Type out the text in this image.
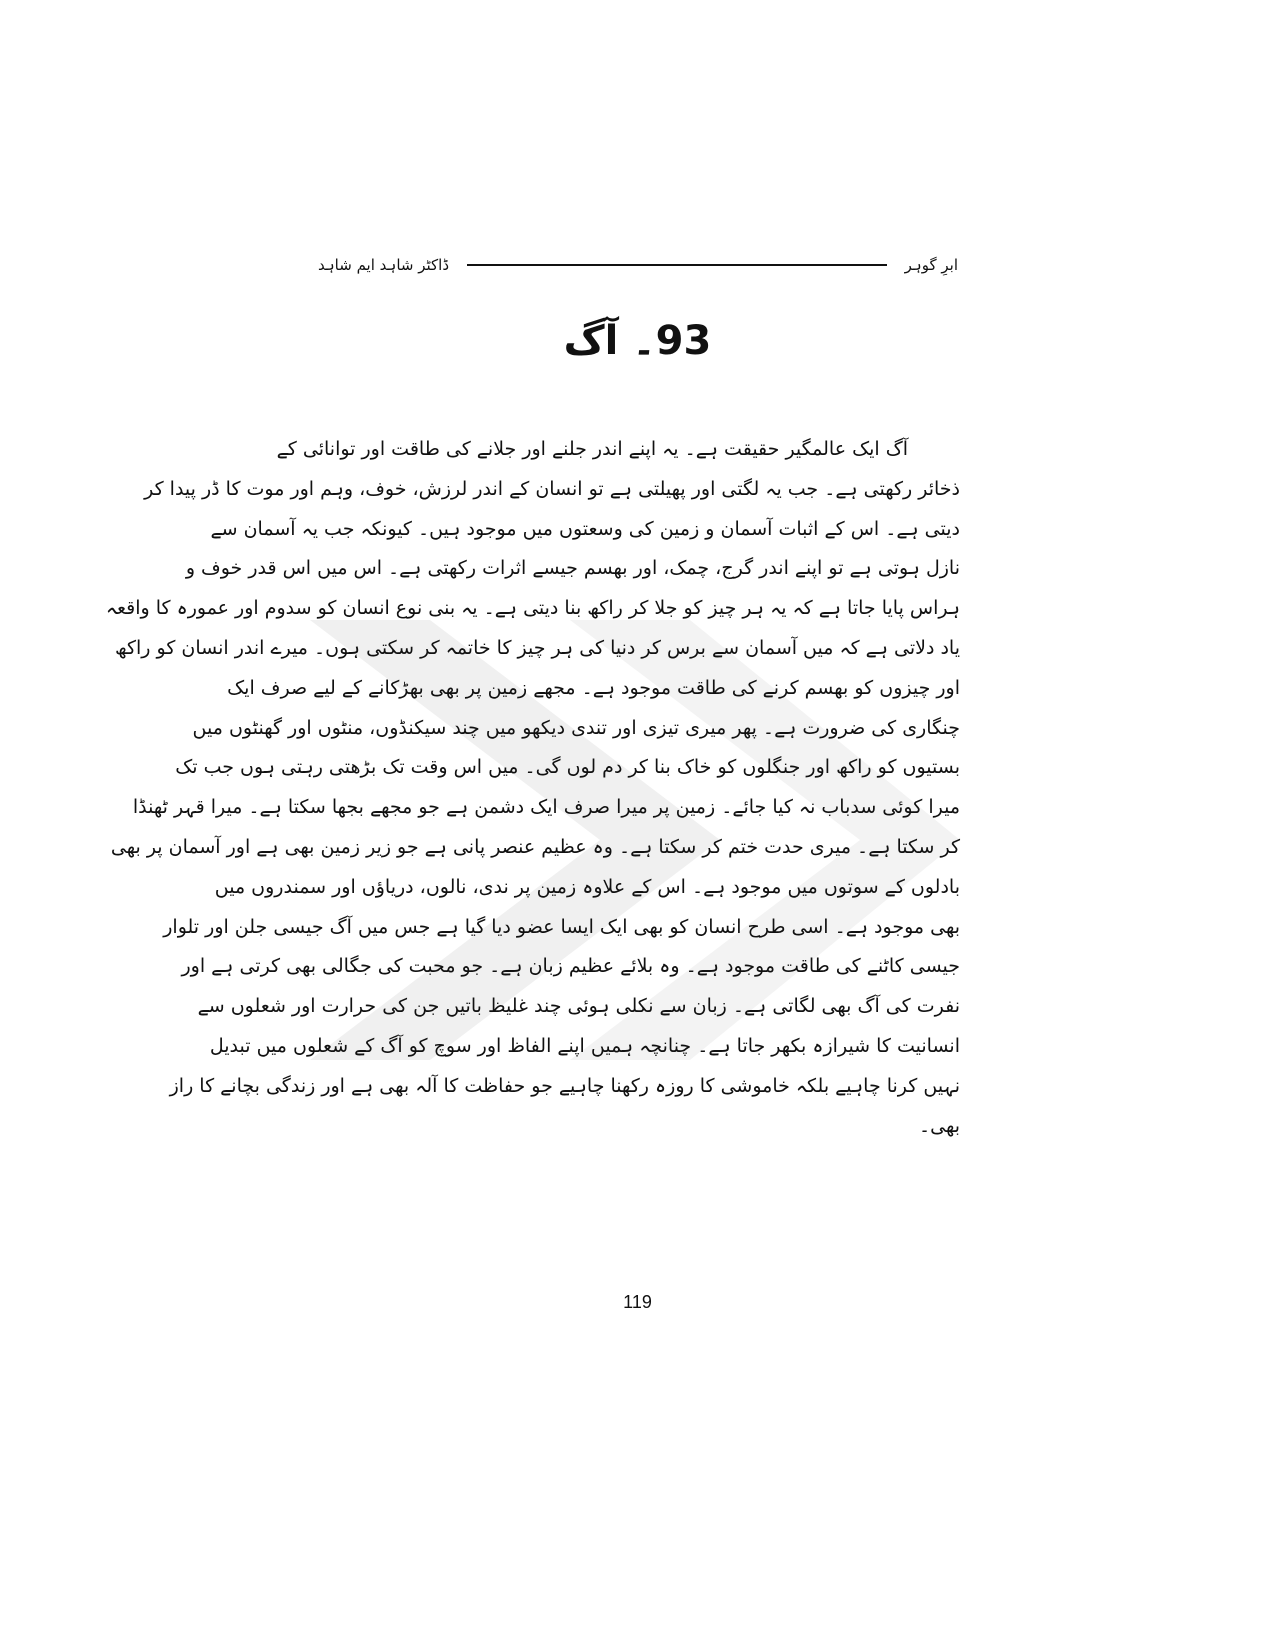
ابرِ گوہر
ڈاکٹر شاہد ایم شاہد
93۔ آگ
آگ ایک عالمگیر حقیقت ہے۔ یہ اپنے اندر جلنے اور جلانے کی طاقت اور توانائی کے
ذخائر رکھتی ہے۔ جب یہ لگتی اور پھیلتی ہے تو انسان کے اندر لرزش، خوف، وہم اور موت کا ڈر پیدا کر
دیتی ہے۔ اس کے اثبات آسمان و زمین کی وسعتوں میں موجود ہیں۔ کیونکہ جب یہ آسمان سے
نازل ہوتی ہے تو اپنے اندر گرج، چمک، اور بھسم جیسے اثرات رکھتی ہے۔ اس میں اس قدر خوف و
ہراس پایا جاتا ہے کہ یہ ہر چیز کو جلا کر راکھ بنا دیتی ہے۔ یہ بنی نوع انسان کو سدوم اور عمورہ کا واقعہ
یاد دلاتی ہے کہ میں آسمان سے برس کر دنیا کی ہر چیز کا خاتمہ کر سکتی ہوں۔ میرے اندر انسان کو راکھ
اور چیزوں کو بھسم کرنے کی طاقت موجود ہے۔ مجھے زمین پر بھی بھڑکانے کے لیے صرف ایک
چنگاری کی ضرورت ہے۔ پھر میری تیزی اور تندی دیکھو میں چند سیکنڈوں، منٹوں اور گھنٹوں میں
بستیوں کو راکھ اور جنگلوں کو خاک بنا کر دم لوں گی۔ میں اس وقت تک بڑھتی رہتی ہوں جب تک
میرا کوئی سدباب نہ کیا جائے۔ زمین پر میرا صرف ایک دشمن ہے جو مجھے بجھا سکتا ہے۔ میرا قہر ٹھنڈا
کر سکتا ہے۔ میری حدت ختم کر سکتا ہے۔ وہ عظیم عنصر پانی ہے جو زیر زمین بھی ہے اور آسمان پر بھی
بادلوں کے سوتوں میں موجود ہے۔ اس کے علاوہ زمین پر ندی، نالوں، دریاؤں اور سمندروں میں
بھی موجود ہے۔ اسی طرح انسان کو بھی ایک ایسا عضو دیا گیا ہے جس میں آگ جیسی جلن اور تلوار
جیسی کاٹنے کی طاقت موجود ہے۔ وہ بلائے عظیم زبان ہے۔ جو محبت کی جگالی بھی کرتی ہے اور
نفرت کی آگ بھی لگاتی ہے۔ زبان سے نکلی ہوئی چند غلیظ باتیں جن کی حرارت اور شعلوں سے
انسانیت کا شیرازہ بکھر جاتا ہے۔ چنانچہ ہمیں اپنے الفاظ اور سوچ کو آگ کے شعلوں میں تبدیل
نہیں کرنا چاہیے بلکہ خاموشی کا روزہ رکھنا چاہیے جو حفاظت کا آلہ بھی ہے اور زندگی بچانے کا راز
بھی۔
119
